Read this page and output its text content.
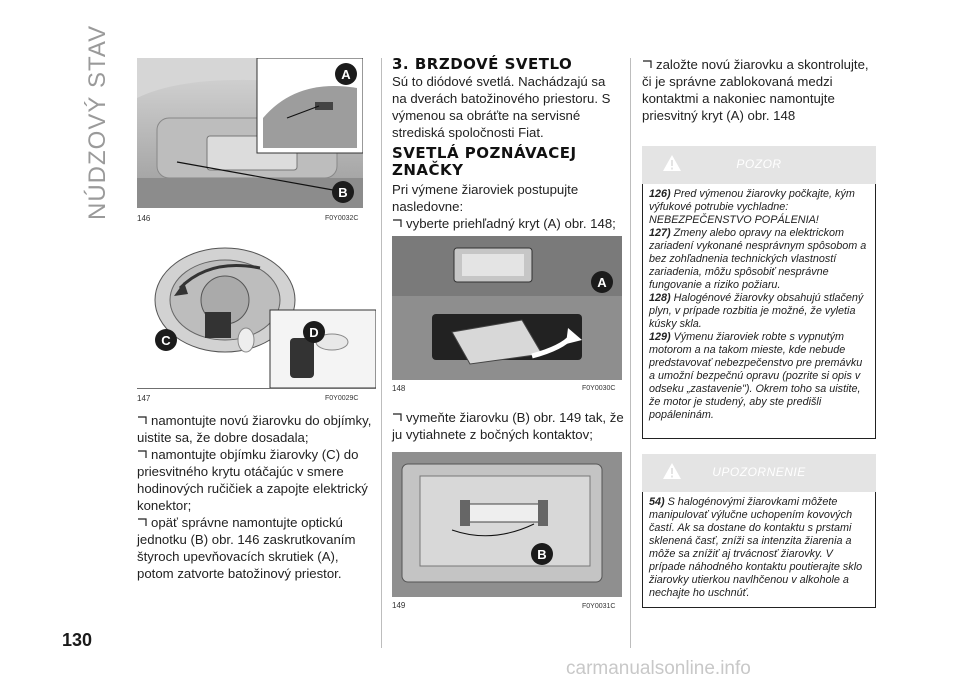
NÚDZOVÝ STAV
130
A
B
146	F0Y0032C
C
D
147	F0Y0029C

namontujte novú žiarovku do objímky, uistite sa, že dobre dosadala;

namontujte objímku žiarovky (C) do priesvitného krytu otáčajúc v smere hodinových ručičiek a zapojte elektrický konektor;

opäť správne namontujte optickú jednotku (B) obr. 146 zaskrutkovaním štyroch upevňovacích skrutiek (A), potom zatvorte batožinový priestor.

3. BRZDOVÉ SVETLO
Sú to diódové svetlá. Nachádzajú sa na dverách batožinového priestoru. S výmenou sa obráťte na servisné strediská spoločnosti Fiat.
SVETLÁ POZNÁVACEJ ZNAČKY
Pri výmene žiaroviek postupujte nasledovne:
vyberte priehľadný kryt (A) obr. 148;
A
148	F0Y0030C
vymeňte žiarovku (B) obr. 149 tak, že ju vytiahnete z bočných kontaktov;
B
149	F0Y0031C
založte novú žiarovku a skontrolujte, či je správne zablokovaná medzi kontaktmi a nakoniec namontujte priesvitný kryt (A) obr. 148
POZOR

126) Pred výmenou žiarovky počkajte, kým výfukové potrubie vychladne: NEBEZPEČENSTVO POPÁLENIA!

127) Zmeny alebo opravy na elektrickom zariadení vykonané nesprávnym spôsobom a bez zohľadnenia technických vlastností zariadenia, môžu spôsobiť nesprávne fungovanie a riziko požiaru.

128) Halogénové žiarovky obsahujú stlačený plyn, v prípade rozbitia je možné, že vyletia kúsky skla.

129) Výmenu žiaroviek robte s vypnutým motorom a na takom mieste, kde nebude predstavovať nebezpečenstvo pre premávku a umožní bezpečnú opravu (pozrite si opis v odseku „zastavenie"). Okrem toho sa uistite, že motor je studený, aby ste predišli popáleninám.

UPOZORNENIE

54) S halogénovými žiarovkami môžete manipulovať výlučne uchopením kovových častí. Ak sa dostane do kontaktu s prstami sklenená časť, zníži sa intenzita žiarenia a môže sa znížiť aj trvácnosť žiarovky. V prípade náhodného kontaktu poutierajte sklo žiarovky utierkou navlhčenou v alkohole a nechajte ho uschnúť.

carmanualsonline.info
